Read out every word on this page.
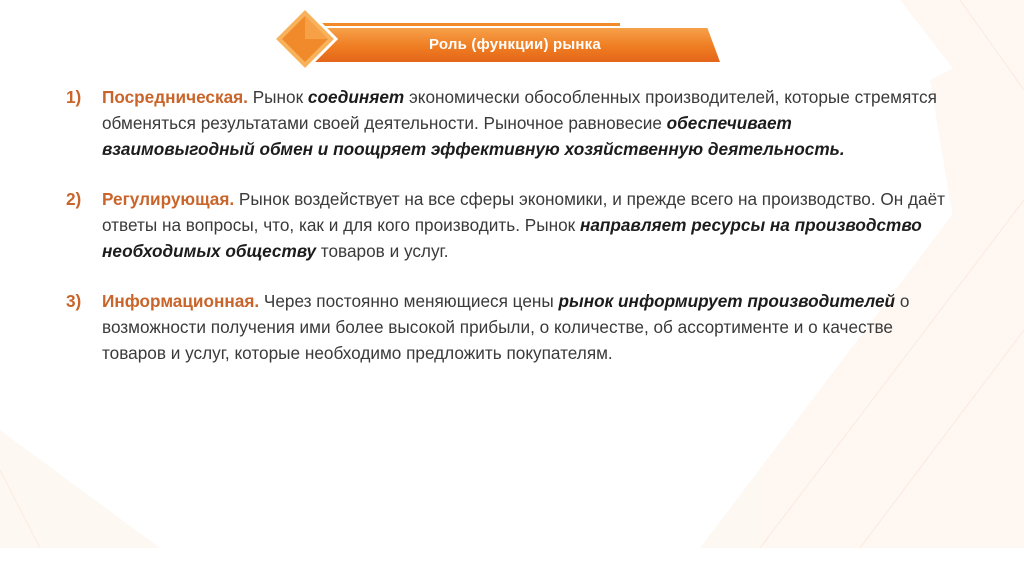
Роль (функции) рынка
1)	Посредническая. Рынок соединяет экономически обособленных производителей, которые стремятся обменяться результатами своей деятельности. Рыночное равновесие обеспечивает взаимовыгодный обмен и поощряет эффективную хозяйственную деятельность.
2)	Регулирующая. Рынок воздействует на все сферы экономики, и прежде всего на производство. Он даёт ответы на вопросы, что, как и для кого производить. Рынок направляет ресурсы на производство необходимых обществу товаров и услуг.
3)	Информационная. Через постоянно меняющиеся цены рынок информирует производителей о возможности получения ими более высокой прибыли, о количестве, об ассортименте и о качестве товаров и услуг, которые необходимо предложить покупателям.
